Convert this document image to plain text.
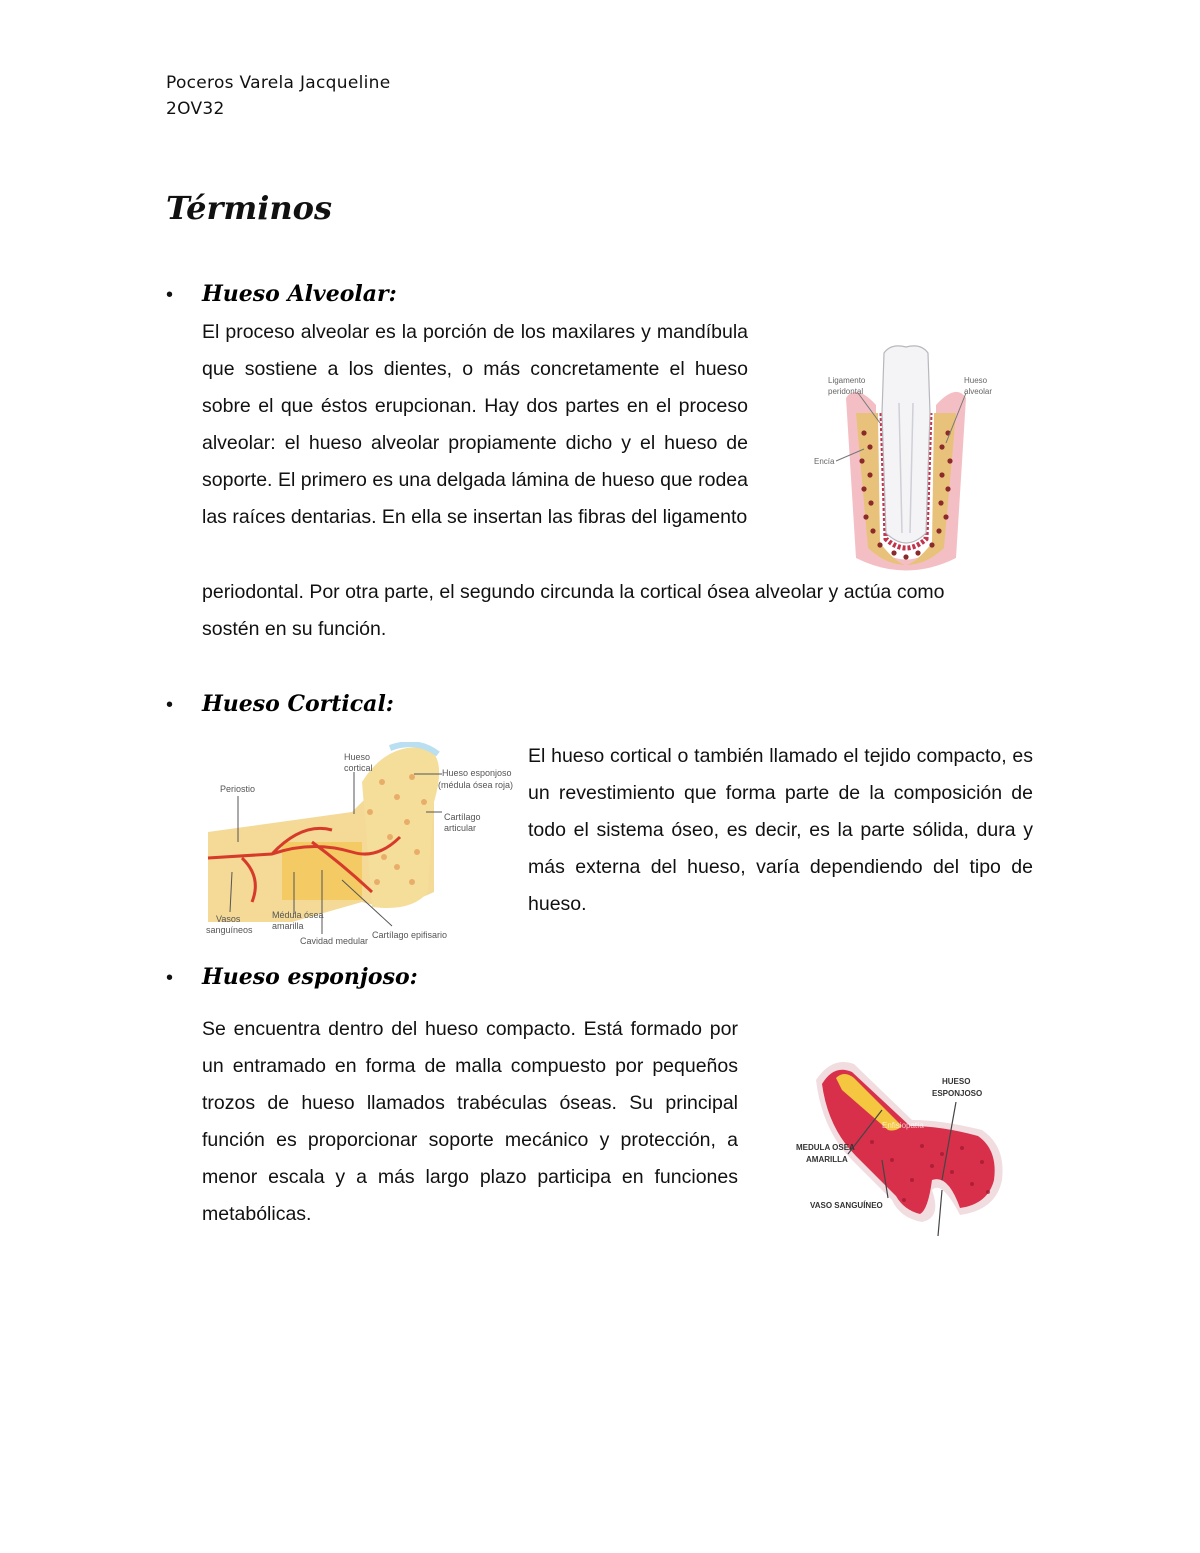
Poceros Varela Jacqueline
2OV32
Términos
• Hueso Alveolar:

El proceso alveolar es la porción de los maxilares y mandíbula que sostiene a los dientes, o más concretamente el hueso sobre el que éstos erupcionan. Hay dos partes en el proceso alveolar: el hueso alveolar propiamente dicho y el hueso de soporte. El primero es una delgada lámina de hueso que rodea las raíces dentarias. En ella se insertan las fibras del ligamento

periodontal. Por otra parte, el segundo circunda la cortical ósea alveolar y actúa como
sostén en su función.
Ligamento
peridontal
Hueso
alveolar
Encía
• Hueso Cortical:

El hueso cortical o también llamado el tejido compacto, es un revestimiento que forma parte de la composición de todo el sistema óseo, es decir, es la parte sólida, dura y más externa del hueso, varía dependiendo del tipo de hueso.

Periostio
Hueso
cortical	Hueso esponjoso
(médula ósea roja)
Cartílago
articular
Vasos
sanguíneos
Médula ósea
amarilla
Cavidad medular
Cartílago epifisario
• Hueso esponjoso:

Se encuentra dentro del hueso compacto. Está formado por un entramado en forma de malla compuesto por pequeños trozos de hueso llamados trabéculas óseas. Su principal función es proporcionar soporte mecánico y protección, a menor escala y a más largo plazo participa en funciones metabólicas.

Enfisiopatía
HUESO
ESPONJOSO
MEDULA OSEA
AMARILLA
VASO SANGUÍNEO
